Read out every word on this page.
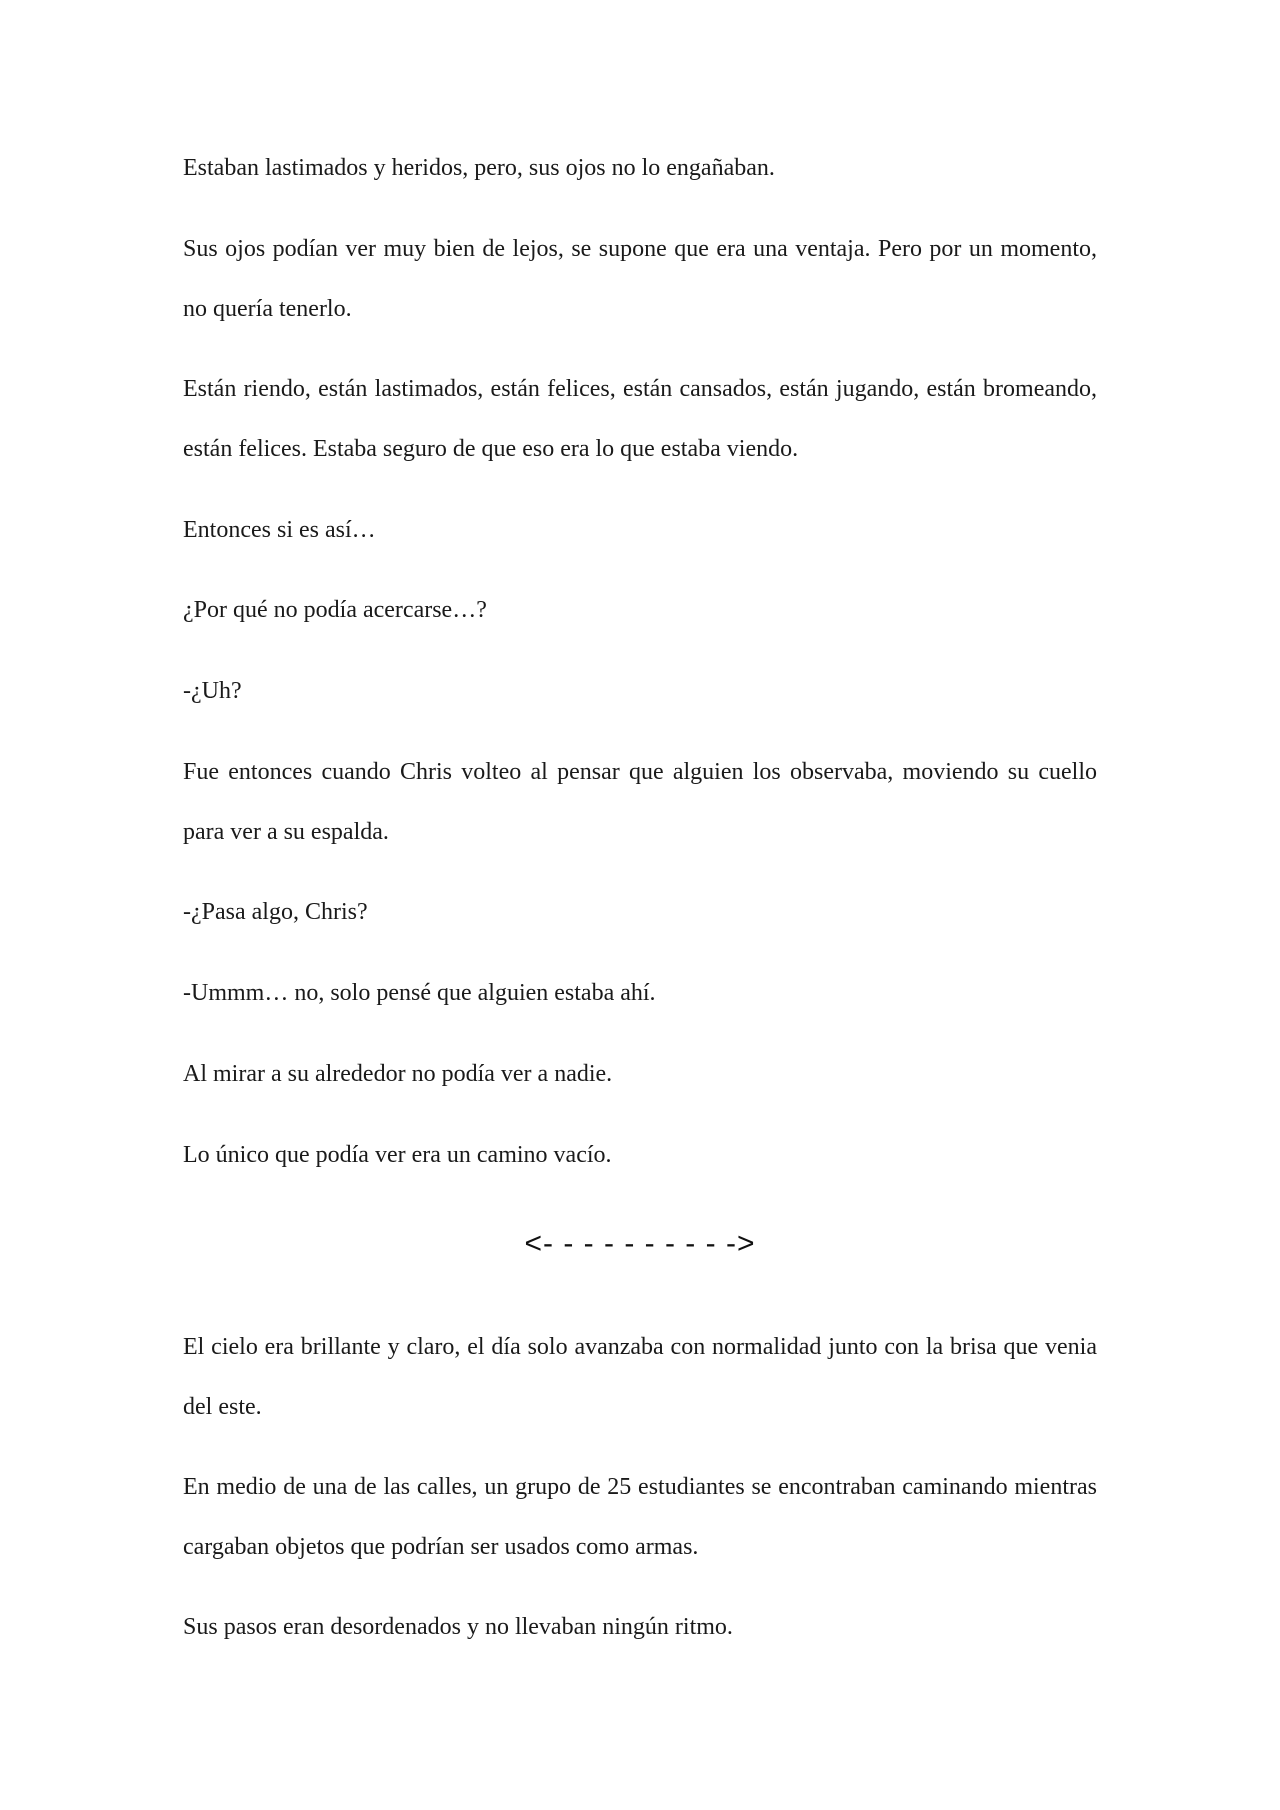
Estaban lastimados y heridos, pero, sus ojos no lo engañaban.

Sus ojos podían ver muy bien de lejos, se supone que era una ventaja. Pero por un momento, no quería tenerlo.

Están riendo, están lastimados, están felices, están cansados, están jugando, están bromeando, están felices. Estaba seguro de que eso era lo que estaba viendo.

Entonces si es así…

¿Por qué no podía acercarse…?

-¿Uh?

Fue entonces cuando Chris volteo al pensar que alguien los observaba, moviendo su cuello para ver a su espalda.

-¿Pasa algo, Chris?

-Ummm… no, solo pensé que alguien estaba ahí.

Al mirar a su alrededor no podía ver a nadie.

Lo único que podía ver era un camino vacío.

<- - - - - - - - - ->

El cielo era brillante y claro, el día solo avanzaba con normalidad junto con la brisa que venia del este.

En medio de una de las calles, un grupo de 25 estudiantes se encontraban caminando mientras cargaban objetos que podrían ser usados como armas.

Sus pasos eran desordenados y no llevaban ningún ritmo.
